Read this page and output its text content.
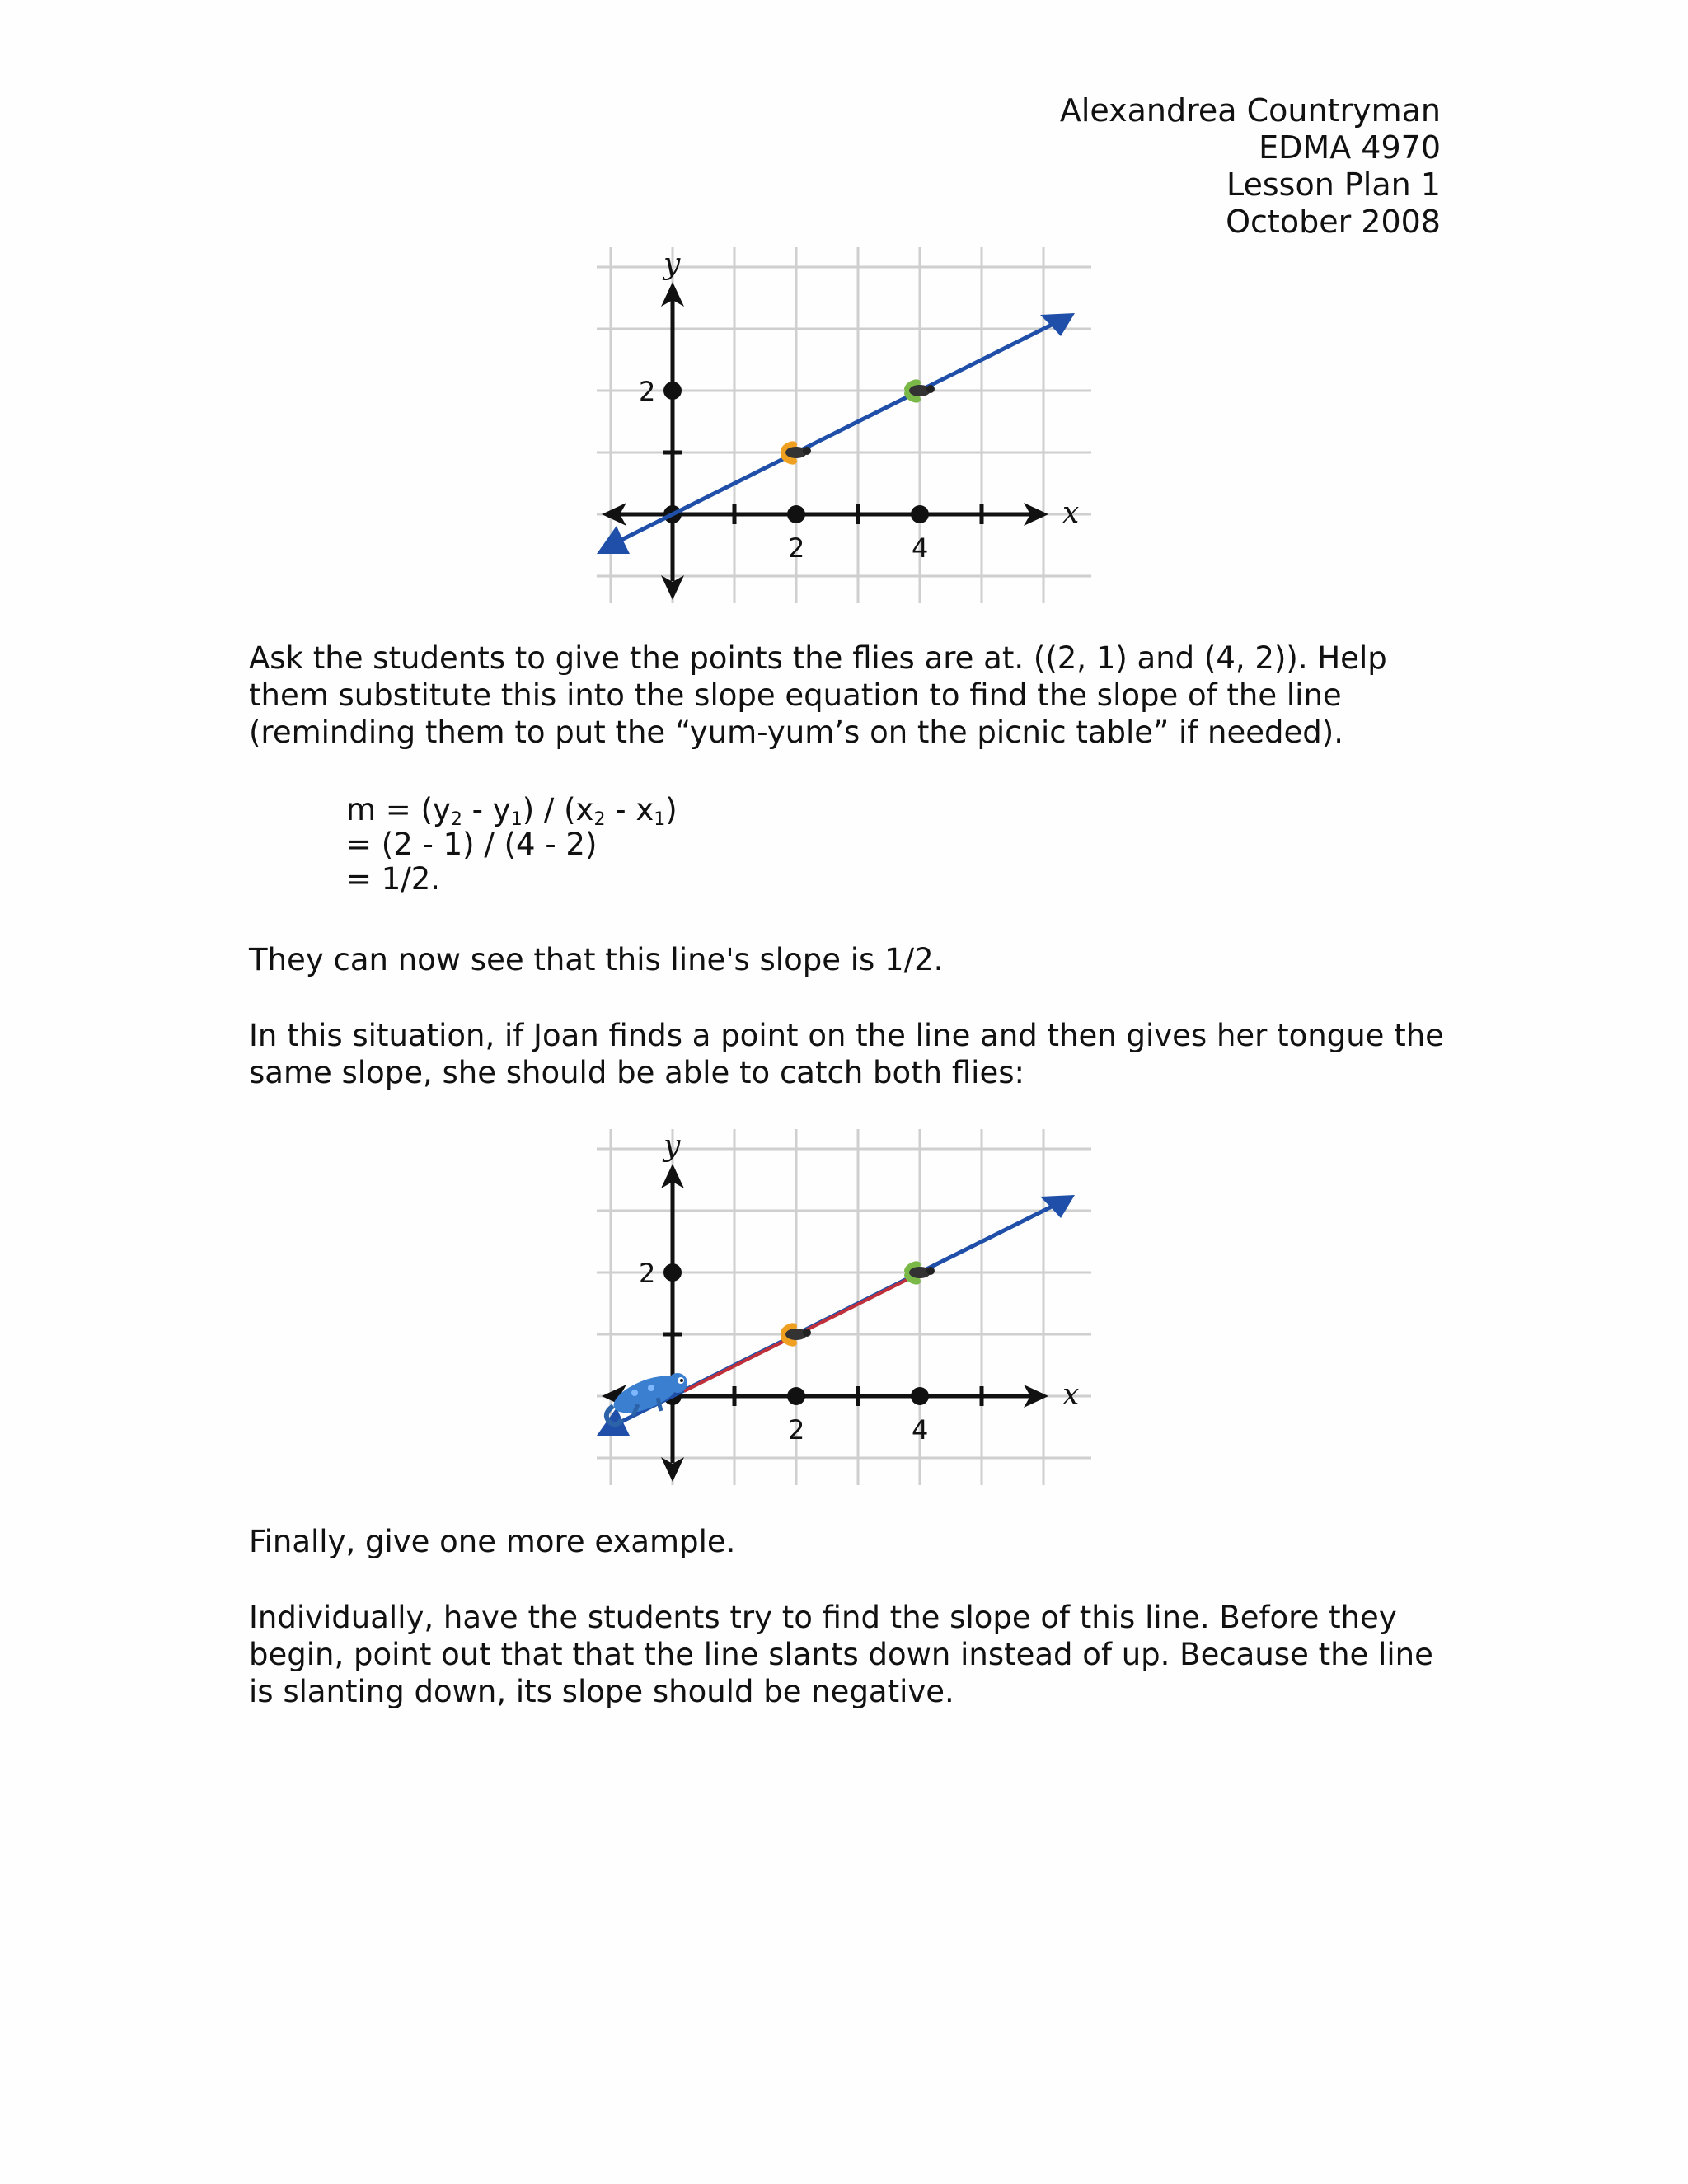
Alexandrea Countryman
EDMA 4970
Lesson Plan 1
October 2008
y
x
2
2	4
Ask the students to give the points the flies are at. ((2, 1) and (4, 2)). Help them substitute this into the slope equation to find the slope of the line (reminding them to put the “yum-yum’s on the picnic table” if needed).
$m = (y_2 - y_1) / (x_2 - x_1)$
= (2 - 1) / (4 - 2)
= 1/2.
They can now see that this line's slope is 1/2.
In this situation, if Joan finds a point on the line and then gives her tongue the same slope, she should be able to catch both flies:
y
x
2
2	4
Finally, give one more example.
Individually, have the students try to find the slope of this line. Before they begin, point out that that the line slants down instead of up. Because the line is slanting down, its slope should be negative.
